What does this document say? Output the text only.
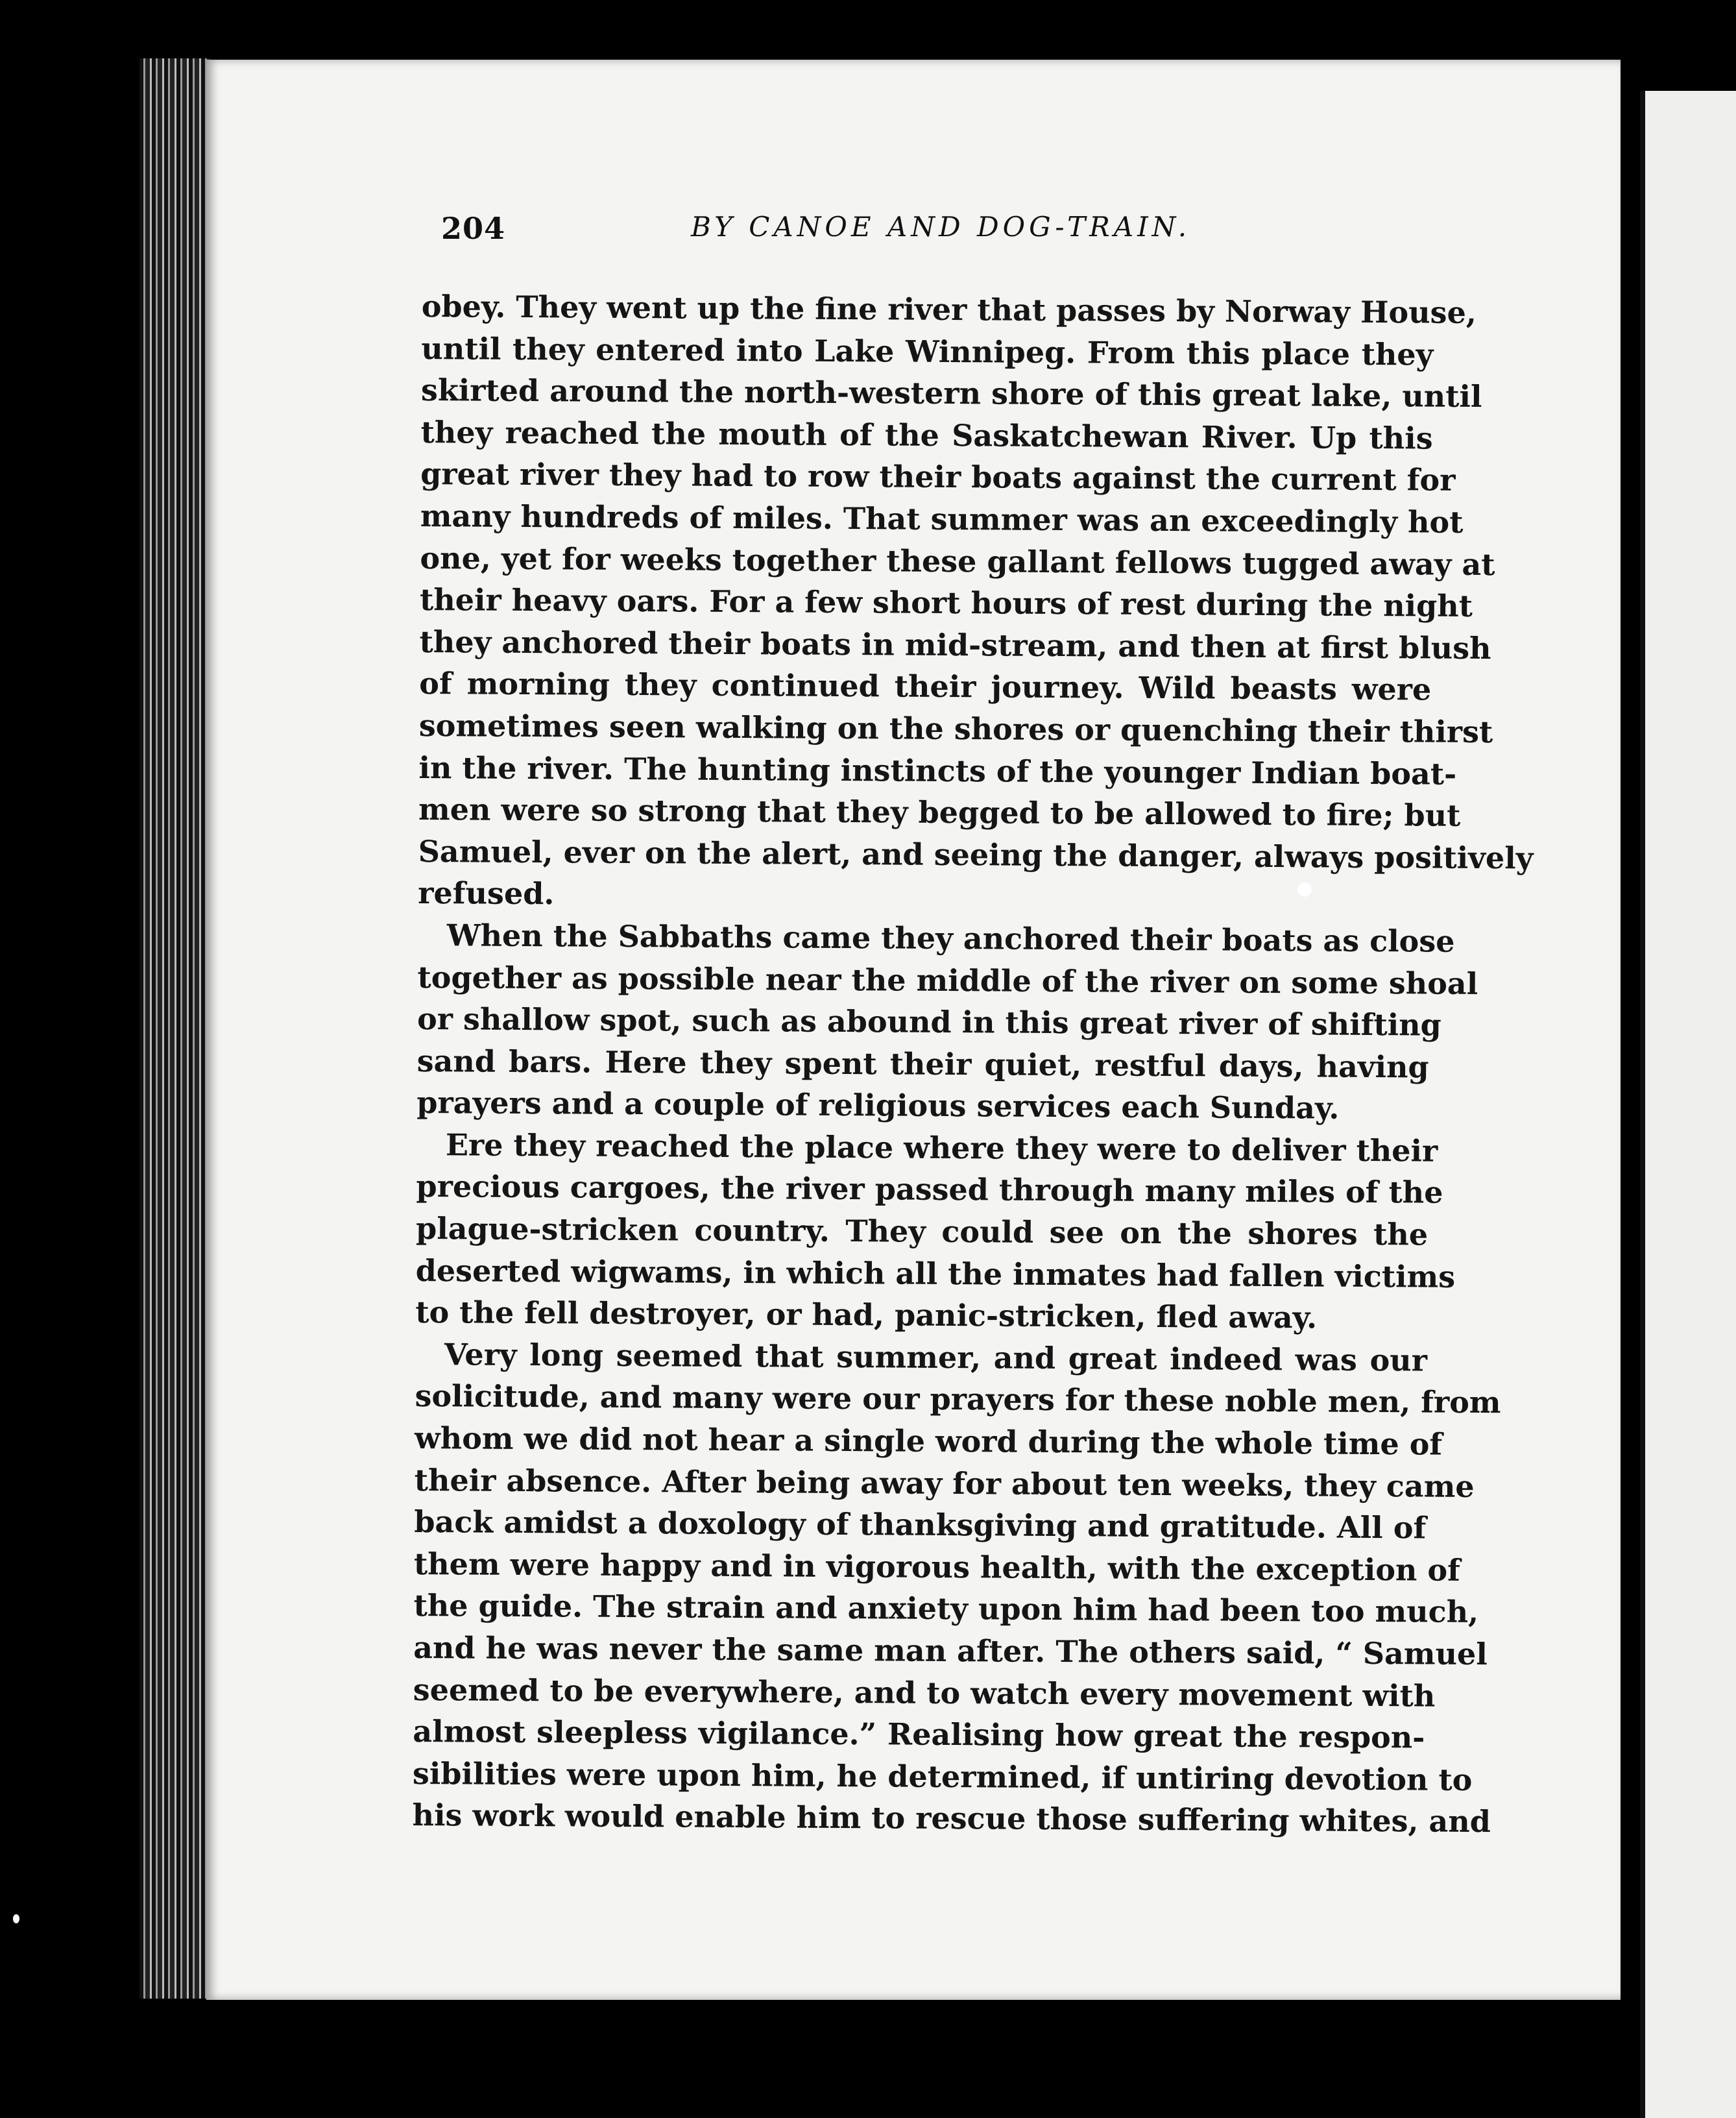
204	BY CANOE AND DOG-TRAIN.
obey. They went up the fine river that passes by Norway House,
until they entered into Lake Winnipeg. From this place they
skirted around the north-western shore of this great lake, until
they reached the mouth of the Saskatchewan River. Up this
great river they had to row their boats against the current for
many hundreds of miles. That summer was an exceedingly hot
one, yet for weeks together these gallant fellows tugged away at
their heavy oars. For a few short hours of rest during the night
they anchored their boats in mid-stream, and then at first blush
of morning they continued their journey. Wild beasts were
sometimes seen walking on the shores or quenching their thirst
in the river. The hunting instincts of the younger Indian boat-
men were so strong that they begged to be allowed to fire; but
Samuel, ever on the alert, and seeing the danger, always positively
refused.
When the Sabbaths came they anchored their boats as close
together as possible near the middle of the river on some shoal
or shallow spot, such as abound in this great river of shifting
sand bars. Here they spent their quiet, restful days, having
prayers and a couple of religious services each Sunday.
Ere they reached the place where they were to deliver their
precious cargoes, the river passed through many miles of the
plague-stricken country. They could see on the shores the
deserted wigwams, in which all the inmates had fallen victims
to the fell destroyer, or had, panic-stricken, fled away.
Very long seemed that summer, and great indeed was our
solicitude, and many were our prayers for these noble men, from
whom we did not hear a single word during the whole time of
their absence. After being away for about ten weeks, they came
back amidst a doxology of thanksgiving and gratitude. All of
them were happy and in vigorous health, with the exception of
the guide. The strain and anxiety upon him had been too much,
and he was never the same man after. The others said, “ Samuel
seemed to be everywhere, and to watch every movement with
almost sleepless vigilance.” Realising how great the respon-
sibilities were upon him, he determined, if untiring devotion to
his work would enable him to rescue those suffering whites, and
